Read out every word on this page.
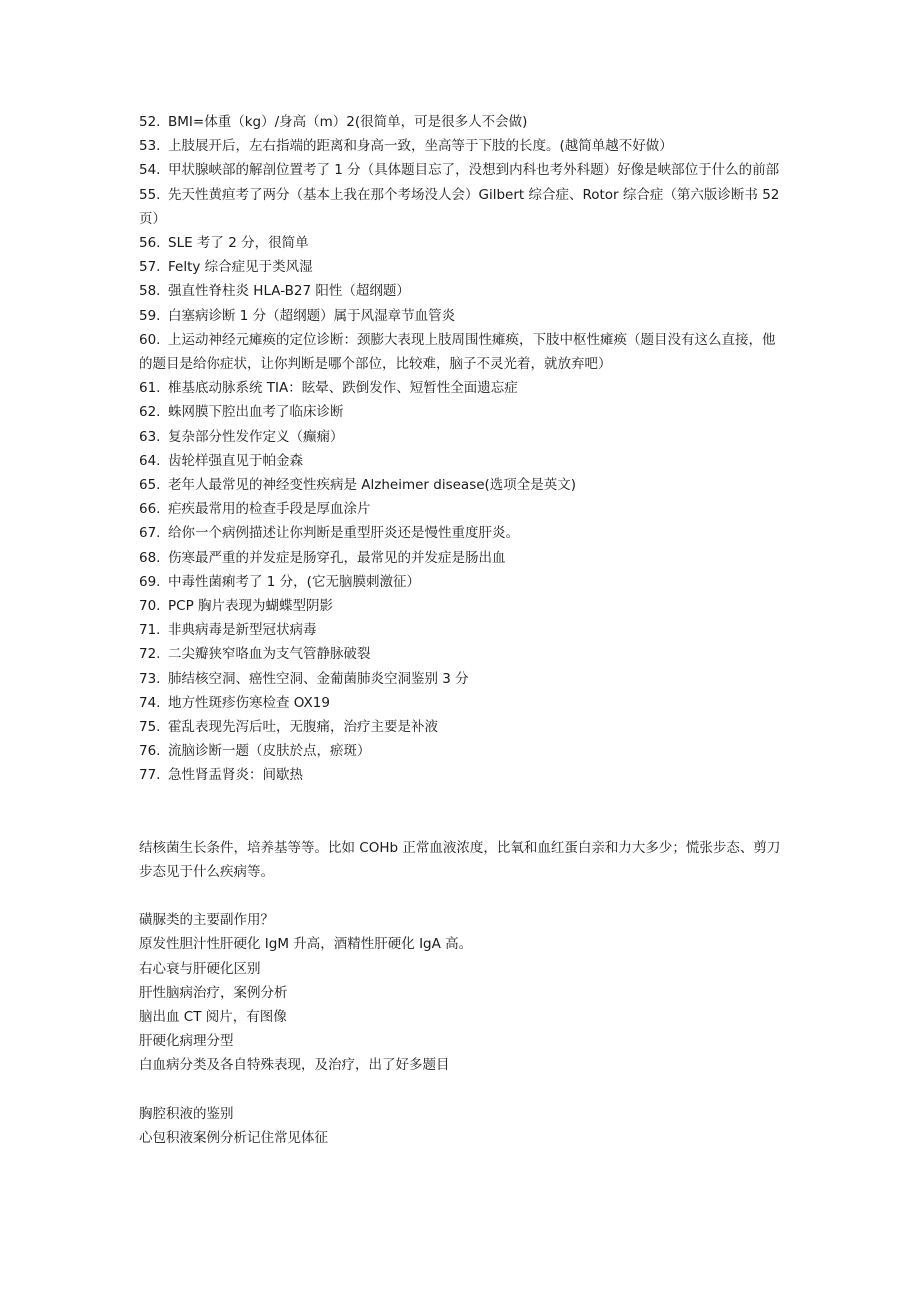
52. BMI=体重（kg）/身高（m）2(很简单，可是很多人不会做)
53. 上肢展开后，左右指端的距离和身高一致，坐高等于下肢的长度。(越简单越不好做）
54. 甲状腺峡部的解剖位置考了 1 分（具体题目忘了，没想到内科也考外科题）好像是峡部位于什么的前部
55. 先天性黄疸考了两分（基本上我在那个考场没人会）Gilbert 综合症、Rotor 综合症（第六版诊断书 52 页）
56. SLE 考了 2 分，很简单
57. Felty 综合症见于类风湿
58. 强直性脊柱炎 HLA-B27 阳性（超纲题）
59. 白塞病诊断 1 分（超纲题）属于风湿章节血管炎
60. 上运动神经元瘫痪的定位诊断：颈膨大表现上肢周围性瘫痪，下肢中枢性瘫痪（题目没有这么直接，他的题目是给你症状，让你判断是哪个部位，比较难，脑子不灵光着，就放弃吧）
61. 椎基底动脉系统 TIA：眩晕、跌倒发作、短暂性全面遗忘症
62. 蛛网膜下腔出血考了临床诊断
63. 复杂部分性发作定义（癫痫）
64. 齿轮样强直见于帕金森
65. 老年人最常见的神经变性疾病是 Alzheimer disease(选项全是英文)
66. 疟疾最常用的检查手段是厚血涂片
67. 给你一个病例描述让你判断是重型肝炎还是慢性重度肝炎。
68. 伤寒最严重的并发症是肠穿孔，最常见的并发症是肠出血
69. 中毒性菌痢考了 1 分，(它无脑膜刺激征）
70. PCP 胸片表现为蝴蝶型阴影
71. 非典病毒是新型冠状病毒
72. 二尖瓣狭窄咯血为支气管静脉破裂
73. 肺结核空洞、癌性空洞、金葡菌肺炎空洞鉴别 3 分
74. 地方性斑疹伤寒检查 OX19
75. 霍乱表现先泻后吐，无腹痛，治疗主要是补液
76. 流脑诊断一题（皮肤於点，瘀斑）
77. 急性肾盂肾炎：间歇热
结核菌生长条件，培养基等等。比如 COHb 正常血液浓度，比氧和血红蛋白亲和力大多少；慌张步态、剪刀步态见于什么疾病等。
磺脲类的主要副作用？
原发性胆汁性肝硬化 IgM 升高，酒精性肝硬化 IgA 高。
右心衰与肝硬化区别
肝性脑病治疗，案例分析
脑出血 CT 阅片，有图像
肝硬化病理分型
白血病分类及各自特殊表现，及治疗，出了好多题目
胸腔积液的鉴别
心包积液案例分析记住常见体征
